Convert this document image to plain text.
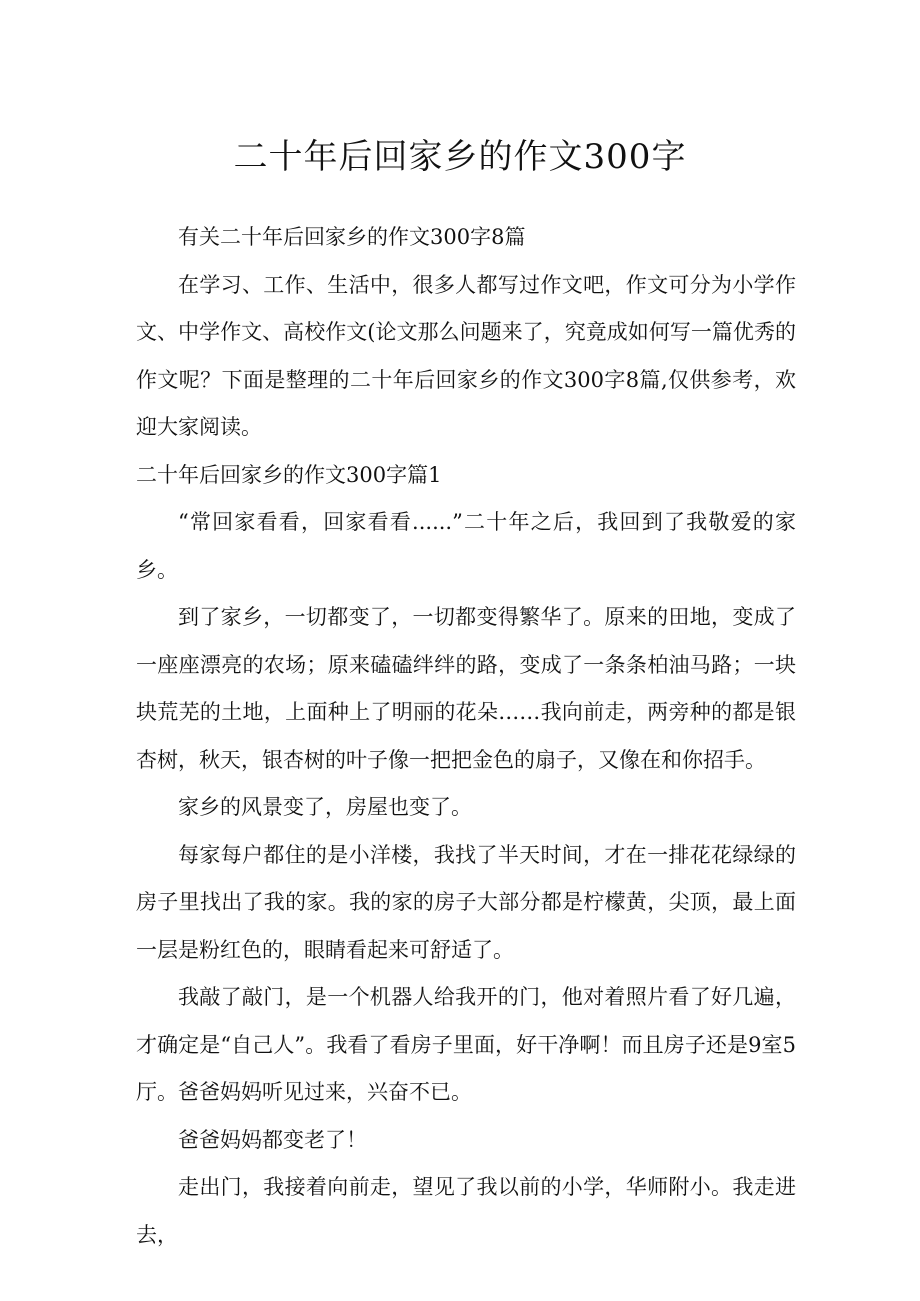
二十年后回家乡的作文300字

有关二十年后回家乡的作文300字8篇

在学习、工作、生活中，很多人都写过作文吧，作文可分为小学作文、中学作文、高校作文(论文那么问题来了，究竟成如何写一篇优秀的作文呢？下面是整理的二十年后回家乡的作文300字8篇,仅供参考，欢迎大家阅读。

二十年后回家乡的作文300字篇1

“常回家看看，回家看看......”二十年之后，我回到了我敬爱的家乡。

到了家乡，一切都变了，一切都变得繁华了。原来的田地，变成了一座座漂亮的农场；原来磕磕绊绊的路，变成了一条条柏油马路；一块块荒芜的土地，上面种上了明丽的花朵……我向前走，两旁种的都是银杏树，秋天，银杏树的叶子像一把把金色的扇子，又像在和你招手。

家乡的风景变了，房屋也变了。

每家每户都住的是小洋楼，我找了半天时间，才在一排花花绿绿的房子里找出了我的家。我的家的房子大部分都是柠檬黄，尖顶，最上面一层是粉红色的，眼睛看起来可舒适了。

我敲了敲门，是一个机器人给我开的门，他对着照片看了好几遍，才确定是“自己人”。我看了看房子里面，好干净啊！而且房子还是9室5厅。爸爸妈妈听见过来，兴奋不已。

爸爸妈妈都变老了！

走出门，我接着向前走，望见了我以前的小学，华师附小。我走进去，
